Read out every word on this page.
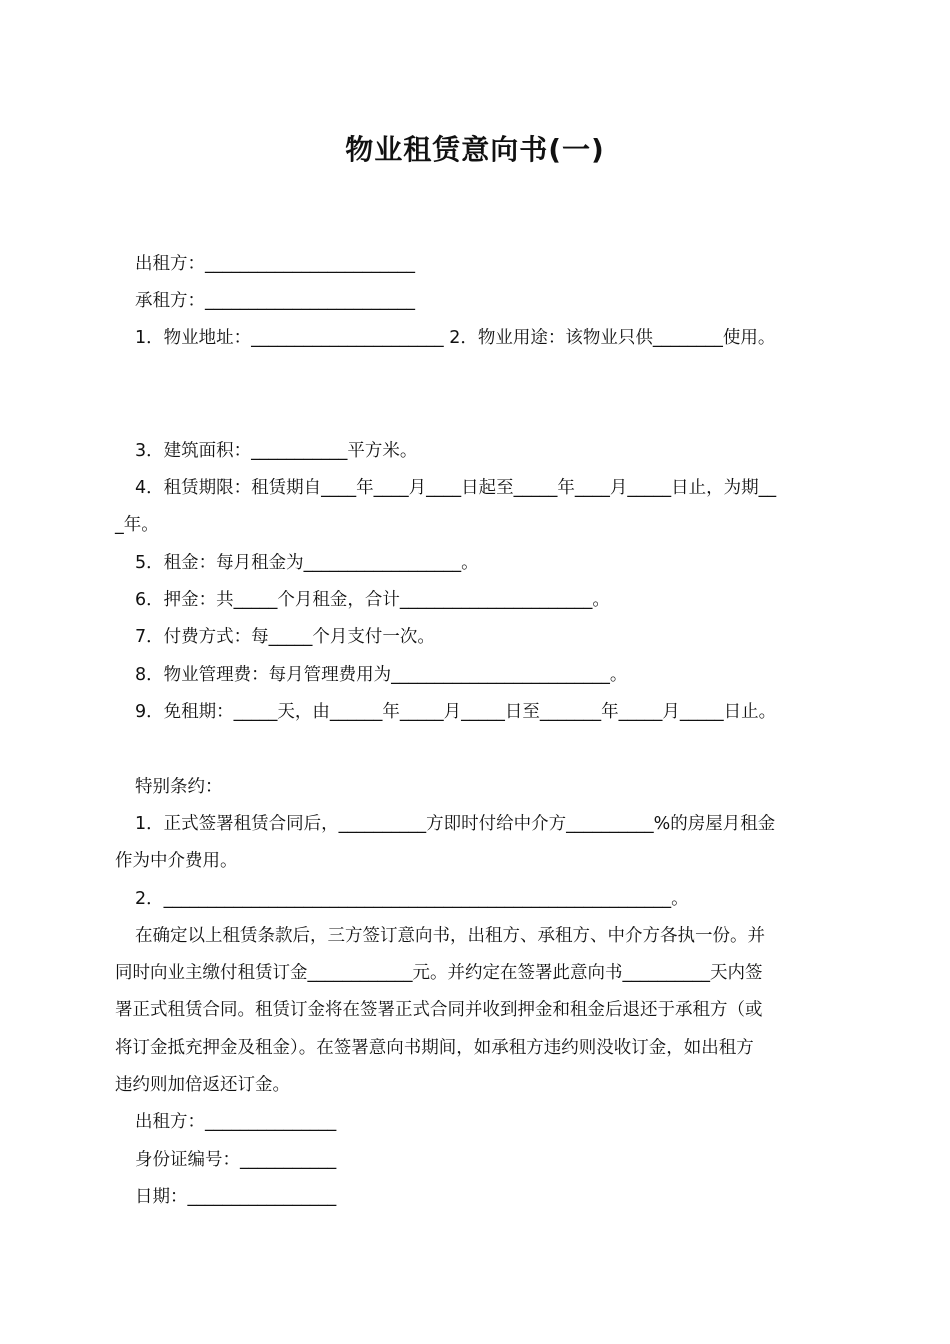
物业租赁意向书(一)

出租方：________________________

承租方：________________________

1．物业地址：______________________ 2．物业用途：该物业只供________使用。

3．建筑面积：___________平方米。

4．租赁期限：租赁期自____年____月____日起至_____年____月_____日止，为期__

_年。

5．租金：每月租金为__________________。

6．押金：共_____个月租金，合计______________________。

7．付费方式：每_____个月支付一次。

8．物业管理费：每月管理费用为_________________________。

9．免租期：_____天，由______年_____月_____日至_______年_____月_____日止。

特别条约：

1．正式签署租赁合同后，__________方即时付给中介方__________%的房屋月租金

作为中介费用。

2．__________________________________________________________。

在确定以上租赁条款后，三方签订意向书，出租方、承租方、中介方各执一份。并

同时向业主缴付租赁订金____________元。并约定在签署此意向书__________天内签

署正式租赁合同。租赁订金将在签署正式合同并收到押金和租金后退还于承租方（或

将订金抵充押金及租金）。在签署意向书期间，如承租方违约则没收订金，如出租方

违约则加倍返还订金。

出租方：_______________

身份证编号：___________

日期：_________________
